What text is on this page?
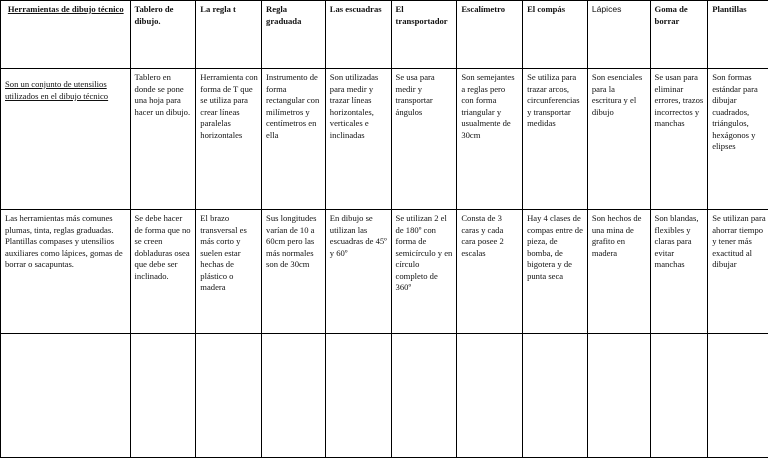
Herramientas de dibujo técnico	Tablero de dibujo.	La regla t	Regla graduada	Las escuadras	El transportador	Escalímetro	El compás	Lápices	Goma de borrar	Plantillas
Son un conjunto de utensilios utilizados en el dibujo técnico	Tablero en donde se pone una hoja para hacer un dibujo.	Herramienta con forma de T que se utiliza para crear líneas paralelas horizontales	Instrumento de forma rectangular con milímetros y centímetros en ella	Son utilizadas para medir y trazar líneas horizontales, verticales e inclinadas	Se usa para medir y transportar ángulos	Son semejantes a reglas pero con forma triangular y usualmente de 30cm	Se utiliza para trazar arcos, circunferencias y transportar medidas	Son esenciales para la escritura y el dibujo	Se usan para eliminar errores, trazos incorrectos y manchas	Son formas estándar para dibujar cuadrados, triángulos, hexágonos y elipses
Las herramientas más comunes plumas, tinta, reglas graduadas. Plantillas compases y utensilios auxiliares como lápices, gomas de borrar o sacapuntas.	Se debe hacer de forma que no se creen dobladuras osea que debe ser inclinado.	El brazo transversal es más corto y suelen estar hechas de plástico o madera	Sus longitudes varían de 10 a 60cm pero las más normales son de 30cm	En dibujo se utilizan las escuadras de 45º y 60º	Se utilizan 2 el de 180º con forma de semicírculo y en círculo completo de 360º	Consta de 3 caras y cada cara posee 2 escalas	Hay 4 clases de compas entre de pieza, de bomba, de bigotera y de punta seca	Son hechos de una mina de grafito en madera	Son blandas, flexibles y claras para evitar manchas	Se utilizan para ahorrar tiempo y tener más exactitud al dibujar
